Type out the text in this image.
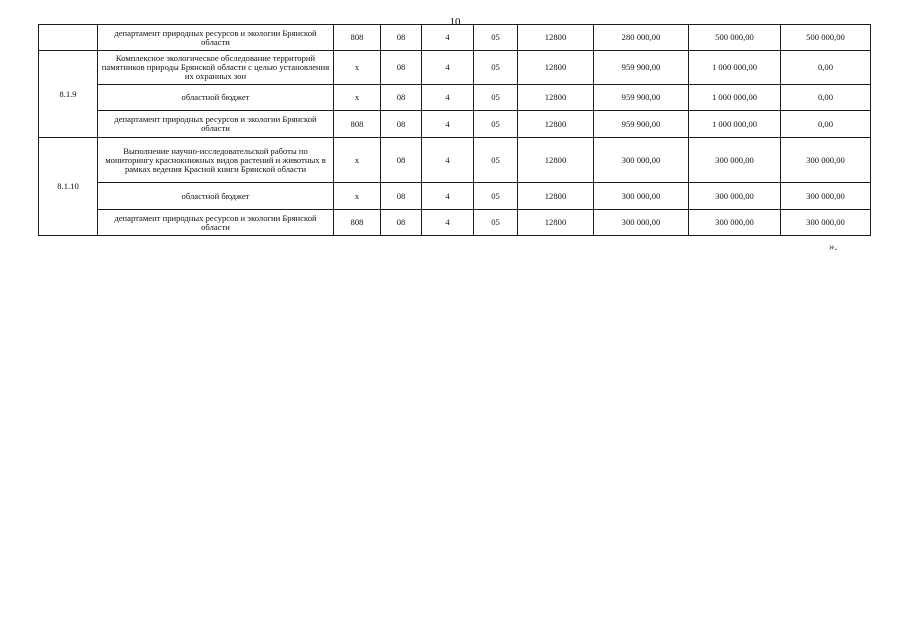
10
	департамент природных ресурсов и экологии Брянской области	808	08	4	05	12800	280 000,00	500 000,00	500 000,00
8.1.9	Комплексное экологическое обследование территорий памятников природы Брянской области с целью установления их охранных зон	х	08	4	05	12800	959 900,00	1 000 000,00	0,00
	областной бюджет	х	08	4	05	12800	959 900,00	1 000 000,00	0,00
	департамент природных ресурсов и экологии Брянской области	808	08	4	05	12800	959 900,00	1 000 000,00	0,00
8.1.10	Выполнение научно-исследовательской работы по мониторингу краснокнижных видов растений и животных в рамках ведения Красной книги Брянской области	х	08	4	05	12800	300 000,00	300 000,00	300 000,00
	областной бюджет	х	08	4	05	12800	300 000,00	300 000,00	300 000,00
	департамент природных ресурсов и экологии Брянской области	808	08	4	05	12800	300 000,00	300 000,00	300 000,00
».
